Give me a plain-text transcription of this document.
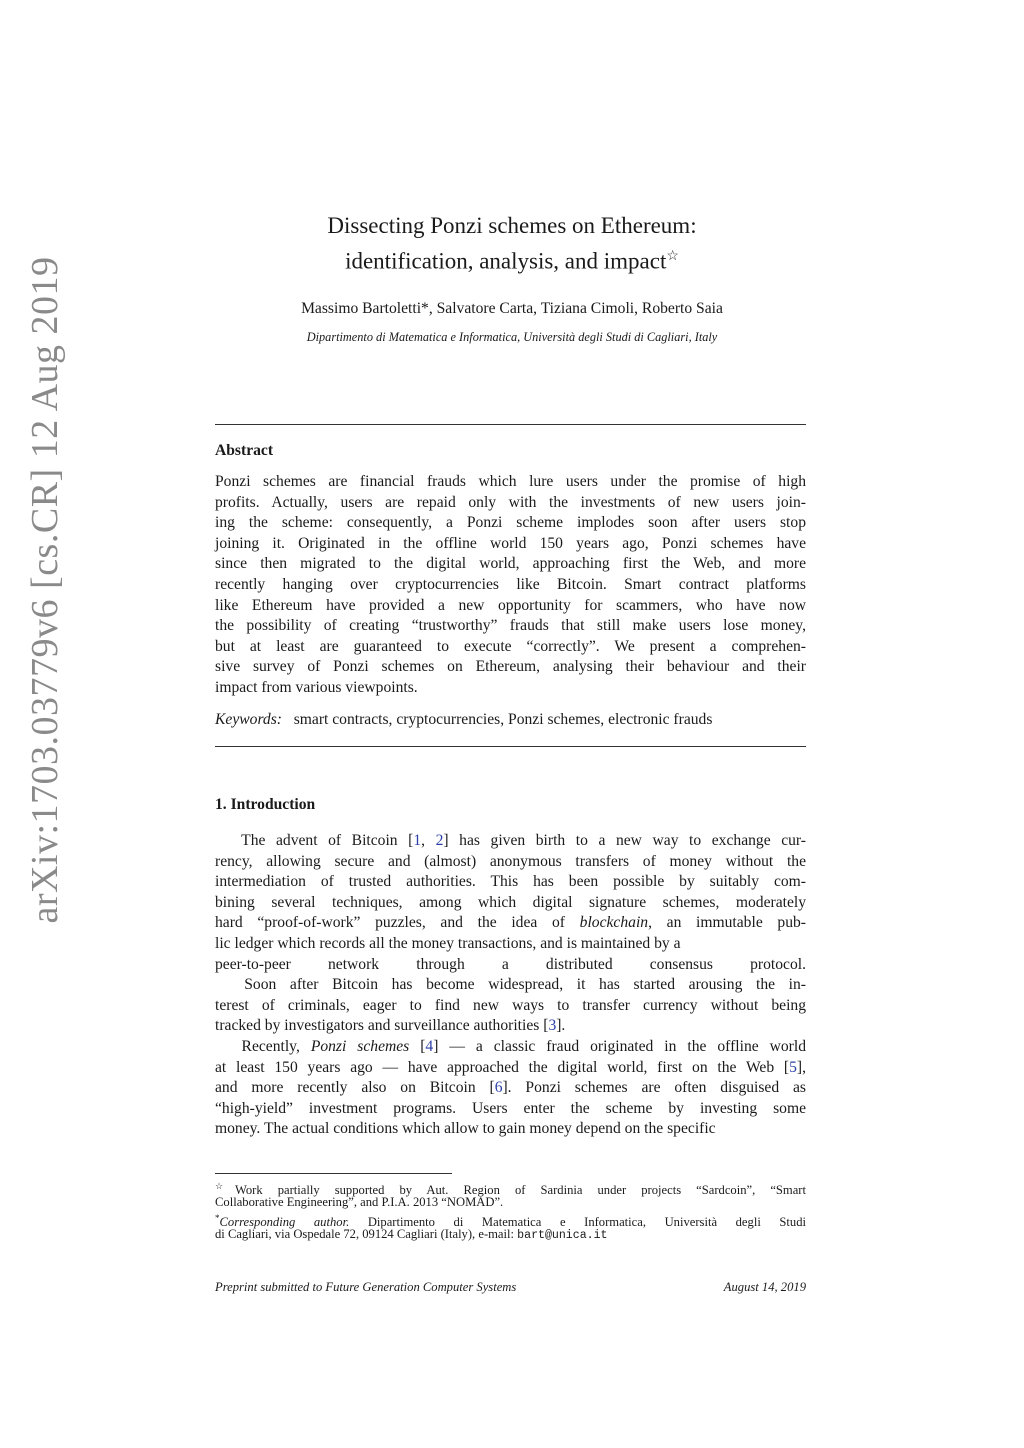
arXiv:1703.03779v6 [cs.CR] 12 Aug 2019
Dissecting Ponzi schemes on Ethereum:
identification, analysis, and impact☆
Massimo Bartoletti*, Salvatore Carta, Tiziana Cimoli, Roberto Saia
Dipartimento di Matematica e Informatica, Università degli Studi di Cagliari, Italy
Abstract
Ponzi schemes are financial frauds which lure users under the promise of high
profits. Actually, users are repaid only with the investments of new users join-
ing the scheme: consequently, a Ponzi scheme implodes soon after users stop
joining it. Originated in the offline world 150 years ago, Ponzi schemes have
since then migrated to the digital world, approaching first the Web, and more
recently hanging over cryptocurrencies like Bitcoin. Smart contract platforms
like Ethereum have provided a new opportunity for scammers, who have now
the possibility of creating “trustworthy” frauds that still make users lose money,
but at least are guaranteed to execute “correctly”. We present a comprehen-
sive survey of Ponzi schemes on Ethereum, analysing their behaviour and their
impact from various viewpoints.
Keywords: smart contracts, cryptocurrencies, Ponzi schemes, electronic frauds
1. Introduction
  The advent of Bitcoin [1, 2] has given birth to a new way to exchange cur-
rency, allowing secure and (almost) anonymous transfers of money without the
intermediation of trusted authorities. This has been possible by suitably com-
bining several techniques, among which digital signature schemes, moderately
hard “proof-of-work” puzzles, and the idea of blockchain, an immutable pub-
lic ledger which records all the money transactions, and is maintained by a
peer-to-peer network through a distributed consensus protocol.
  Soon after Bitcoin has become widespread, it has started arousing the in-
terest of criminals, eager to find new ways to transfer currency without being
tracked by investigators and surveillance authorities [3].
  Recently, Ponzi schemes [4] — a classic fraud originated in the offline world
at least 150 years ago — have approached the digital world, first on the Web [5],
and more recently also on Bitcoin [6]. Ponzi schemes are often disguised as
“high-yield” investment programs. Users enter the scheme by investing some
money. The actual conditions which allow to gain money depend on the specific
☆Work partially supported by Aut. Region of Sardinia under projects “Sardcoin”, “Smart
Collaborative Engineering”, and P.I.A. 2013 “NOMAD”.
*Corresponding author. Dipartimento di Matematica e Informatica, Università degli Studi
di Cagliari, via Ospedale 72, 09124 Cagliari (Italy), e-mail: bart@unica.it
Preprint submitted to Future Generation Computer Systems	August 14, 2019
